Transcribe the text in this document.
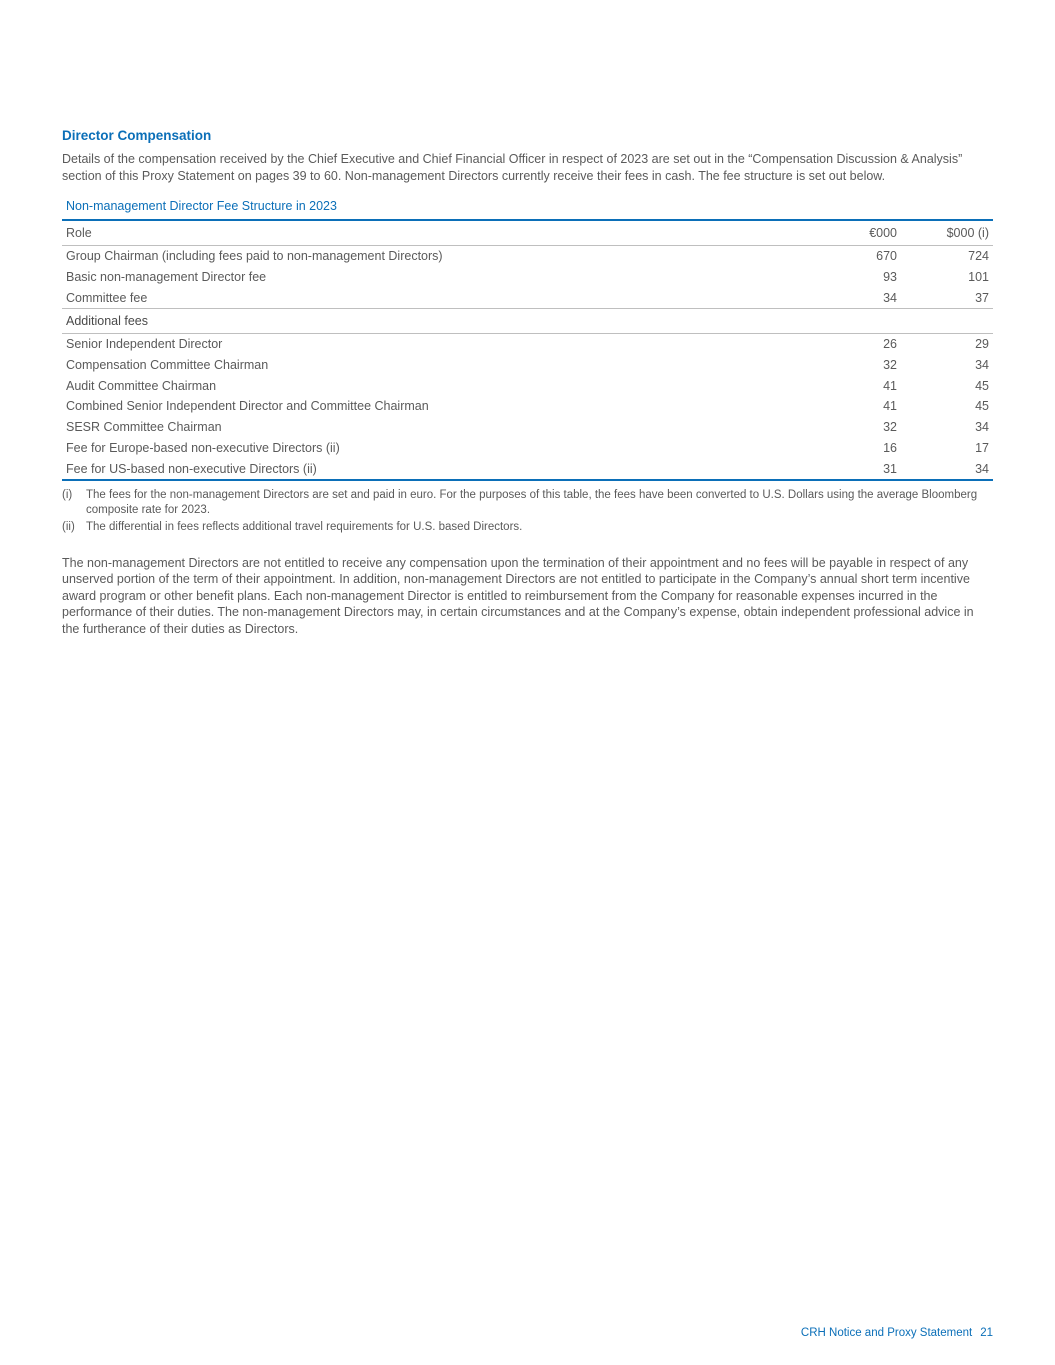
Director Compensation

Details of the compensation received by the Chief Executive and Chief Financial Officer in respect of 2023 are set out in the “Compensation Discussion & Analysis” section of this Proxy Statement on pages 39 to 60. Non-management Directors currently receive their fees in cash. The fee structure is set out below.

Non-management Director Fee Structure in 2023
Role	€000	$000 (i)
Group Chairman (including fees paid to non-management Directors)	670	724
Basic non-management Director fee	93	101
Committee fee	34	37
Additional fees		
Senior Independent Director	26	29
Compensation Committee Chairman	32	34
Audit Committee Chairman	41	45
Combined Senior Independent Director and Committee Chairman	41	45
SESR Committee Chairman	32	34
Fee for Europe-based non-executive Directors (ii)	16	17
Fee for US-based non-executive Directors (ii)	31	34
(i)	The fees for the non-management Directors are set and paid in euro. For the purposes of this table, the fees have been converted to U.S. Dollars using the average Bloomberg composite rate for 2023.
(ii) The differential in fees reflects additional travel requirements for U.S. based Directors.

The non-management Directors are not entitled to receive any compensation upon the termination of their appointment and no fees will be payable in respect of any unserved portion of the term of their appointment. In addition, non-management Directors are not entitled to participate in the Company’s annual short term incentive award program or other benefit plans. Each non-management Director is entitled to reimbursement from the Company for reasonable expenses incurred in the performance of their duties. The non-management Directors may, in certain circumstances and at the Company’s expense, obtain independent professional advice in the furtherance of their duties as Directors.

CRH Notice and Proxy Statement 21
